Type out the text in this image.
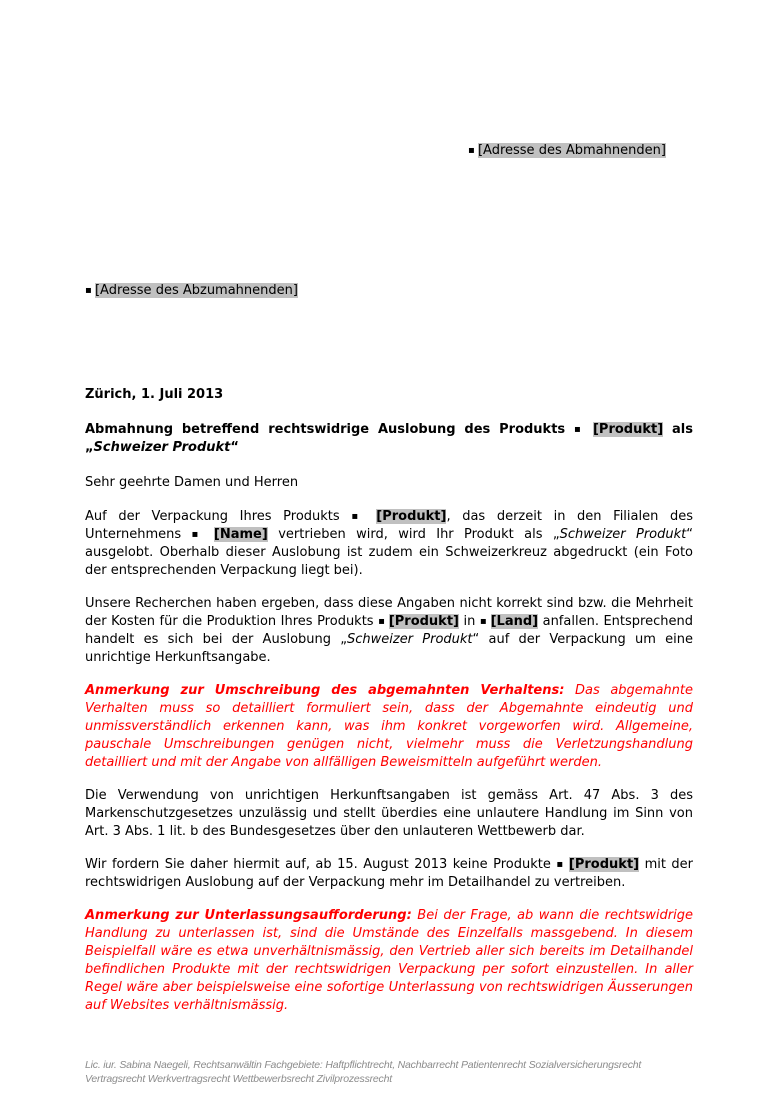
▪ [Adresse des Abmahnenden]
▪ [Adresse des Abzumahnenden]

Zürich, 1. Juli 2013

Abmahnung betreffend rechtswidrige Auslobung des Produkts ▪ [Produkt] als „Schweizer Produkt“

Sehr geehrte Damen und Herren

Auf der Verpackung Ihres Produkts ▪ [Produkt], das derzeit in den Filialen des Unternehmens ▪ [Name] vertrieben wird, wird Ihr Produkt als „Schweizer Produkt“ ausgelobt. Oberhalb dieser Auslobung ist zudem ein Schweizerkreuz abgedruckt (ein Foto der entsprechenden Verpackung liegt bei).

Unsere Recherchen haben ergeben, dass diese Angaben nicht korrekt sind bzw. die Mehrheit der Kosten für die Produktion Ihres Produkts ▪ [Produkt] in ▪ [Land] anfallen. Entsprechend handelt es sich bei der Auslobung „Schweizer Produkt“ auf der Verpackung um eine unrichtige Herkunftsangabe.

Anmerkung zur Umschreibung des abgemahnten Verhaltens: Das abgemahnte Verhalten muss so detailliert formuliert sein, dass der Abgemahnte eindeutig und unmissverständlich erkennen kann, was ihm konkret vorgeworfen wird. Allgemeine, pauschale Umschreibungen genügen nicht, vielmehr muss die Verletzungshandlung detailliert und mit der Angabe von allfälligen Beweismitteln aufgeführt werden.

Die Verwendung von unrichtigen Herkunftsangaben ist gemäss Art. 47 Abs. 3 des Markenschutzgesetzes unzulässig und stellt überdies eine unlautere Handlung im Sinn von Art. 3 Abs. 1 lit. b des Bundesgesetzes über den unlauteren Wettbewerb dar.

Wir fordern Sie daher hiermit auf, ab 15. August 2013 keine Produkte ▪ [Produkt] mit der rechtswidrigen Auslobung auf der Verpackung mehr im Detailhandel zu vertreiben.

Anmerkung zur Unterlassungsaufforderung: Bei der Frage, ab wann die rechtswidrige Handlung zu unterlassen ist, sind die Umstände des Einzelfalls massgebend. In diesem Beispielfall wäre es etwa unverhältnismässig, den Vertrieb aller sich bereits im Detailhandel befindlichen Produkte mit der rechtswidrigen Verpackung per sofort einzustellen. In aller Regel wäre aber beispielsweise eine sofortige Unterlassung von rechtswidrigen Äusserungen auf Websites verhältnismässig.

Lic. iur. Sabina Naegeli, Rechtsanwältin Fachgebiete: Haftpflichtrecht, Nachbarrecht Patientenrecht Sozialversicherungsrecht Vertragsrecht Werkvertragsrecht Wettbewerbsrecht Zivilprozessrecht
